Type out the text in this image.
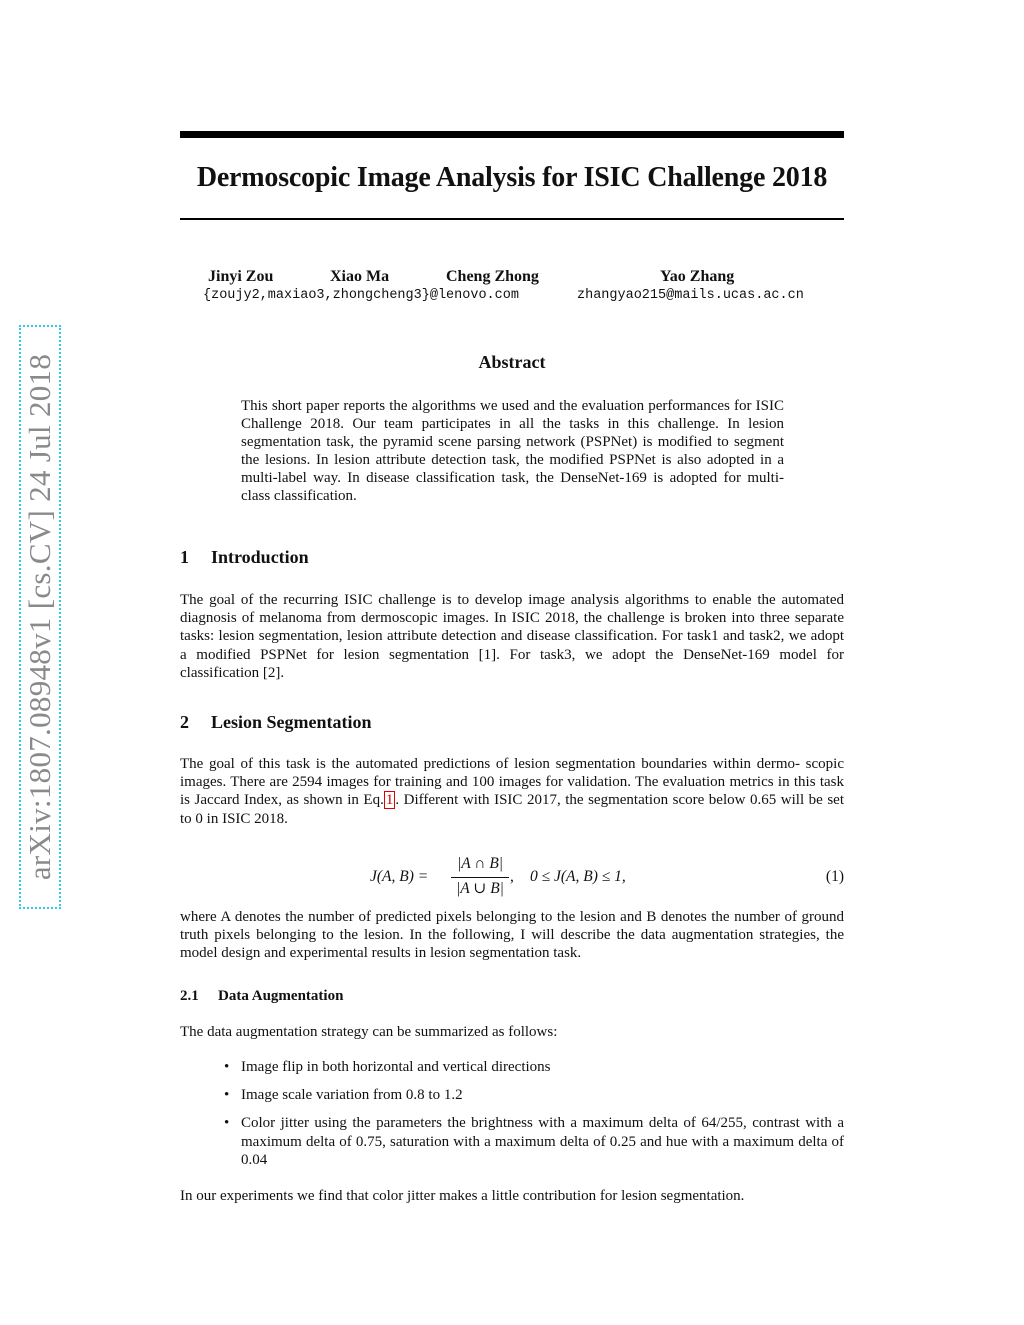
arXiv:1807.08948v1 [cs.CV] 24 Jul 2018
Dermoscopic Image Analysis for ISIC Challenge 2018
Jinyi Zou	Xiao Ma	Cheng Zhong	Yao Zhang
{zoujy2,maxiao3,zhongcheng3}@lenovo.com	zhangyao215@mails.ucas.ac.cn
Abstract
This short paper reports the algorithms we used and the evaluation performances for ISIC Challenge 2018. Our team participates in all the tasks in this challenge. In lesion segmentation task, the pyramid scene parsing network (PSPNet) is modified to segment the lesions. In lesion attribute detection task, the modified PSPNet is also adopted in a multi-label way. In disease classification task, the DenseNet-169 is adopted for multi-class classification.
1 Introduction

The goal of the recurring ISIC challenge is to develop image analysis algorithms to enable the automated diagnosis of melanoma from dermoscopic images. In ISIC 2018, the challenge is broken into three separate tasks: lesion segmentation, lesion attribute detection and disease classification. For task1 and task2, we adopt a modified PSPNet for lesion segmentation [1]. For task3, we adopt the DenseNet-169 model for classification [2].

2 Lesion Segmentation

The goal of this task is the automated predictions of lesion segmentation boundaries within dermo- scopic images. There are 2594 images for training and 100 images for validation. The evaluation metrics in this task is Jaccard Index, as shown in Eq. 1 . Different with ISIC 2017, the segmentation score below 0.65 will be set to 0 in ISIC 2018.

J(A, B) =
|A ∩ B|
|A ∪ B|
, 0 ≤ J(A, B) ≤ 1,	(1)

where A denotes the number of predicted pixels belonging to the lesion and B denotes the number of ground truth pixels belonging to the lesion. In the following, I will describe the data augmentation strategies, the model design and experimental results in lesion segmentation task.

2.1 Data Augmentation

The data augmentation strategy can be summarized as follows:

• Image flip in both horizontal and vertical directions
• Image scale variation from 0.8 to 1.2
• Color jitter using the parameters the brightness with a maximum delta of 64/255, contrast with a maximum delta of 0.75, saturation with a maximum delta of 0.25 and hue with a maximum delta of 0.04

In our experiments we find that color jitter makes a little contribution for lesion segmentation.
